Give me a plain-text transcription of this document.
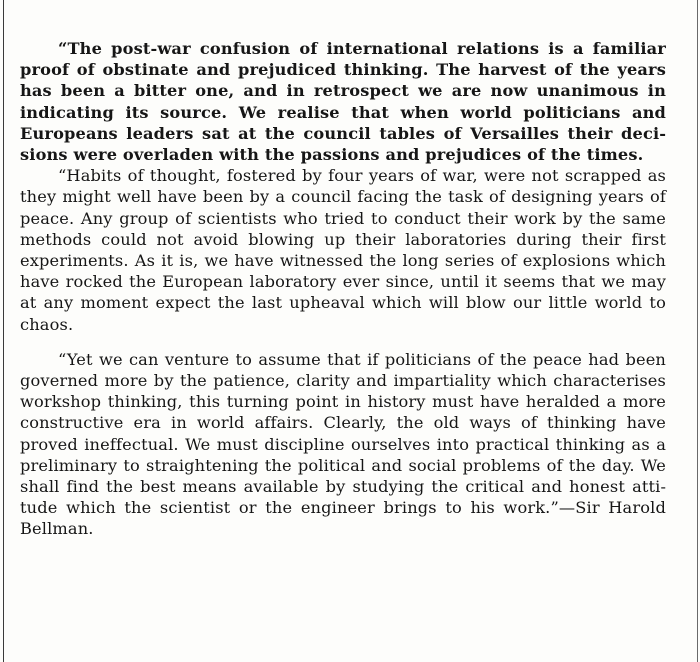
“The post-war confusion of international relations is a familiar proof of obstinate and prejudiced thinking. The harvest of the years has been a bitter one, and in retrospect we are now unanimous in indicating its source. We realise that when world politicians and Europeans leaders sat at the council tables of Versailles their decisions were overladen with the passions and prejudices of the times.

“Habits of thought, fostered by four years of war, were not scrapped as they might well have been by a council facing the task of designing years of peace. Any group of scientists who tried to conduct their work by the same methods could not avoid blowing up their laboratories during their first experiments. As it is, we have witnessed the long series of explosions which have rocked the European laboratory ever since, until it seems that we may at any moment expect the last upheaval which will blow our little world to chaos.

“Yet we can venture to assume that if politicians of the peace had been governed more by the patience, clarity and impartiality which characterises workshop thinking, this turning point in history must have heralded a more constructive era in world affairs. Clearly, the old ways of thinking have proved ineffectual. We must discipline ourselves into practical thinking as a preliminary to straightening the political and social problems of the day. We shall find the best means available by studying the critical and honest attitude which the scientist or the engineer brings to his work.”—Sir Harold Bellman.
